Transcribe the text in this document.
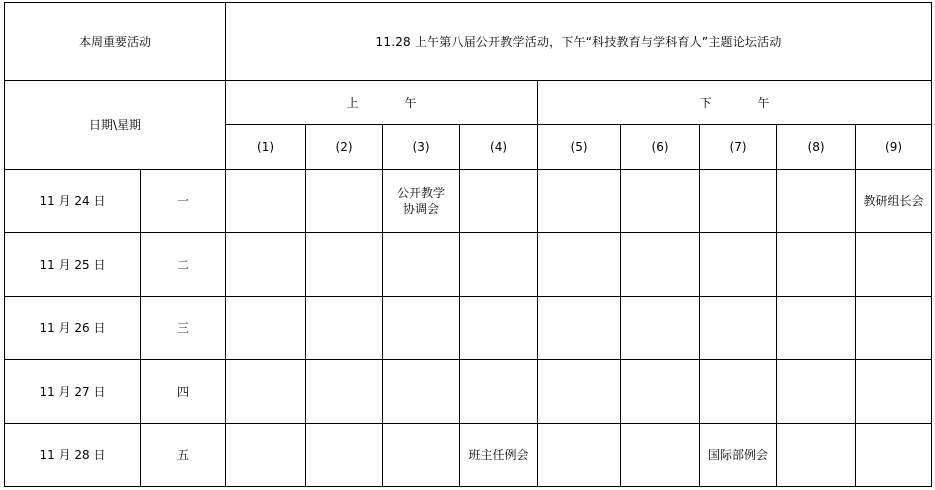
本周重要活动		11.28 上午第八届公开教学活动，下午“科技教育与学科育人”主题论坛活动								
日期\星期		上 午				下 午				
		(1)	(2)	(3)	(4)	(5)	(6)	(7)	(8)	(9)
11 月 24 日	一			公开教学协调会						教研组长会
11 月 25 日	二									
11 月 26 日	三									
11 月 27 日	四									
11 月 28 日	五				班主任例会			国际部例会		
